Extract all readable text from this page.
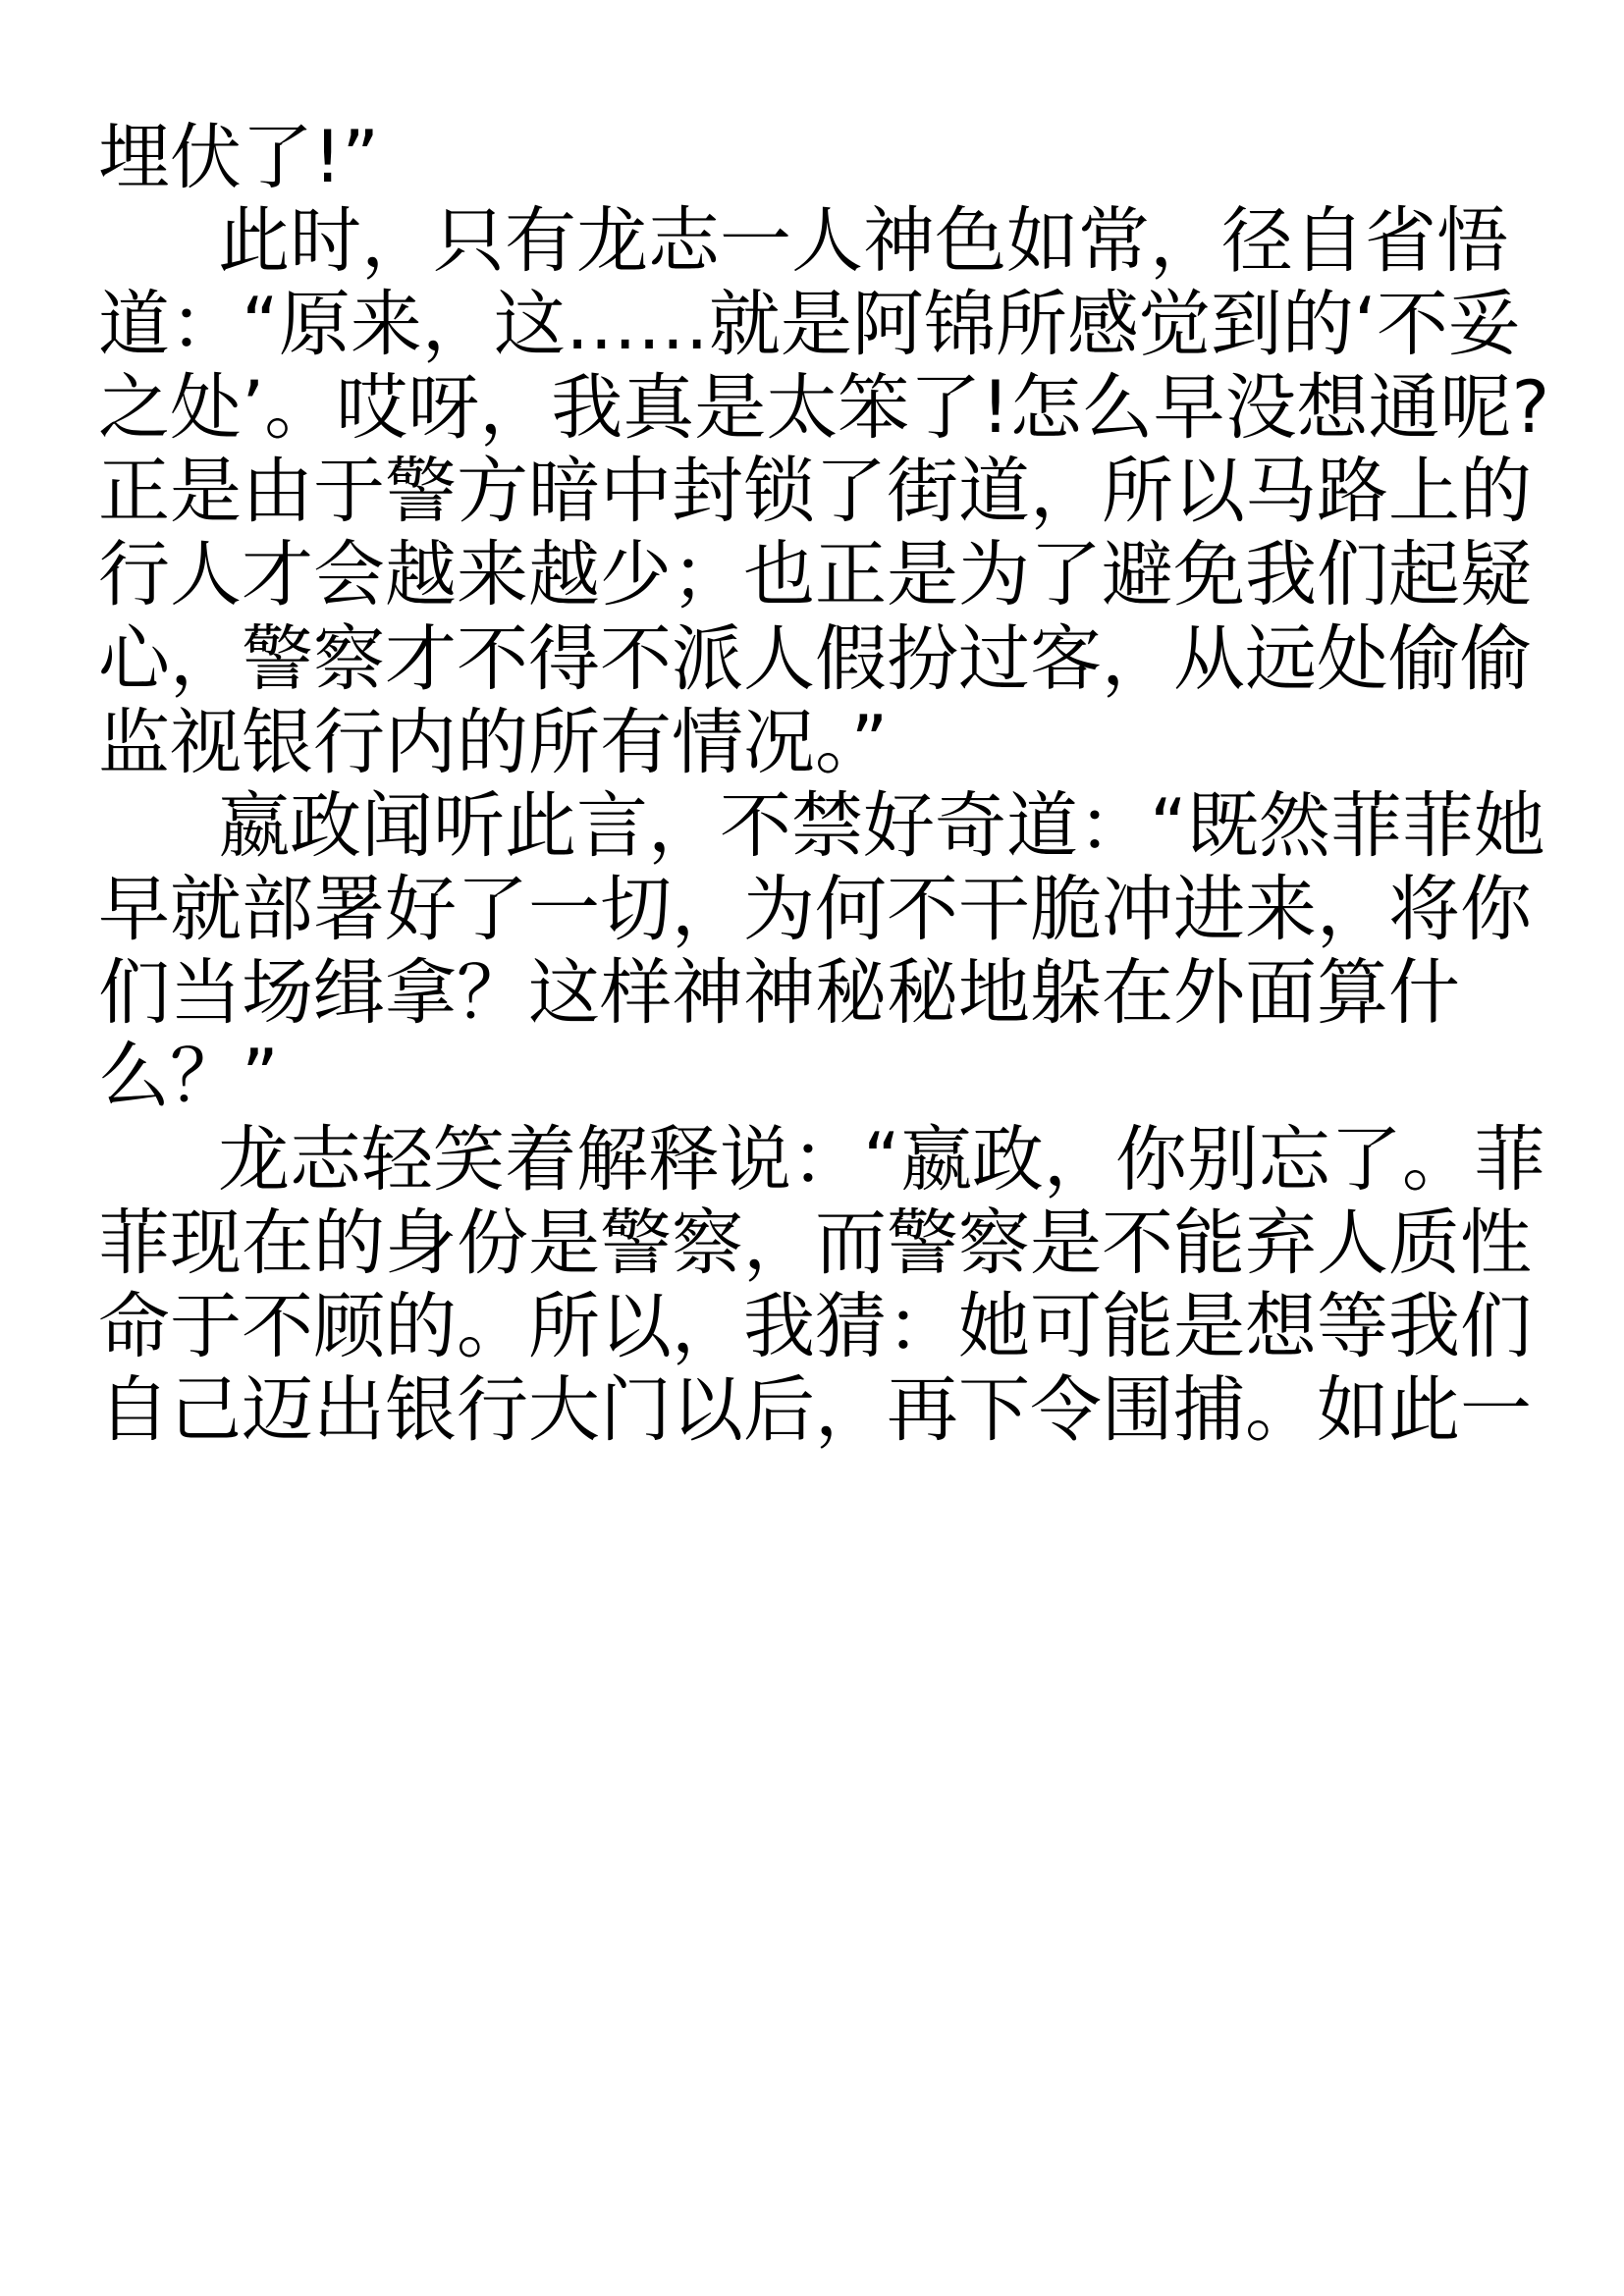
埋伏了!”
此时，只有龙志一人神色如常，径自省悟
道：“原来，这……就是阿锦所感觉到的‘不妥
之处’。哎呀，我真是太笨了!怎么早没想通呢?
正是由于警方暗中封锁了街道，所以马路上的
行人才会越来越少；也正是为了避免我们起疑
心，警察才不得不派人假扮过客，从远处偷偷
监视银行内的所有情况。”
嬴政闻听此言，不禁好奇道：“既然菲菲她
早就部署好了一切，为何不干脆冲进来，将你
们当场缉拿？这样神神秘秘地躲在外面算什
么？”
龙志轻笑着解释说：“嬴政，你别忘了。菲
菲现在的身份是警察，而警察是不能弃人质性
命于不顾的。所以，我猜：她可能是想等我们
自己迈出银行大门以后，再下令围捕。如此一
